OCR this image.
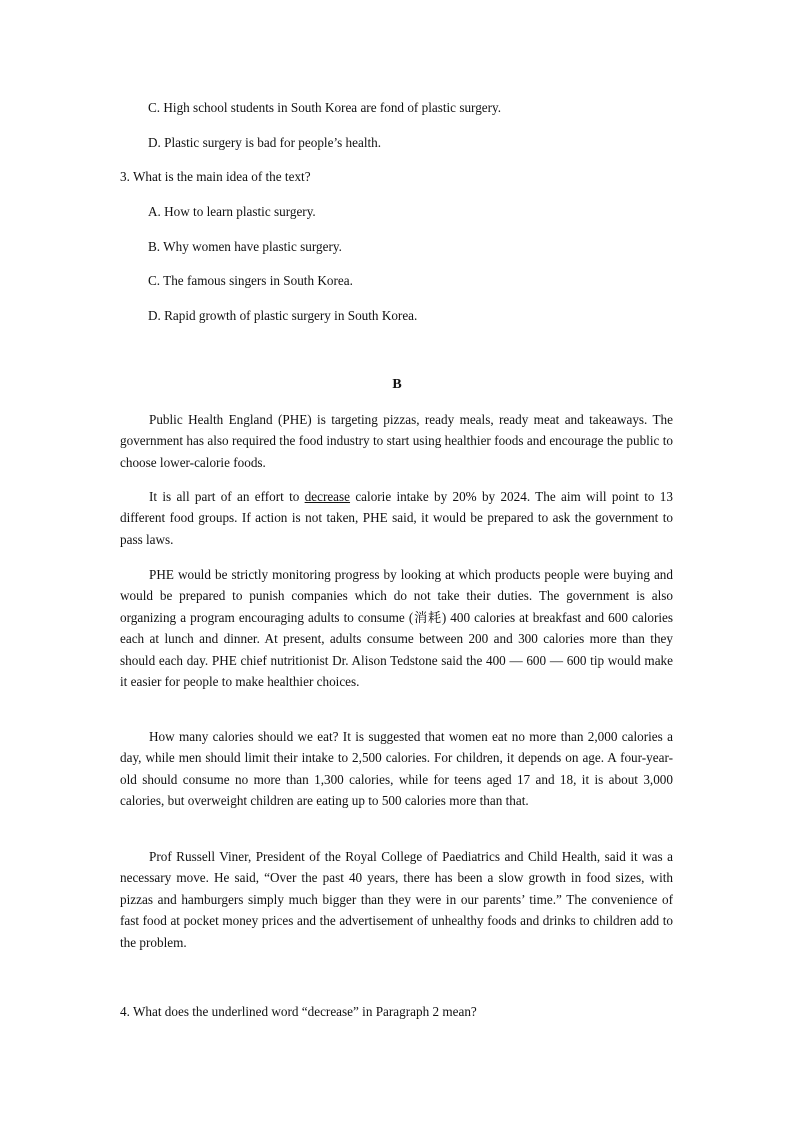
C. High school students in South Korea are fond of plastic surgery.
D. Plastic surgery is bad for people’s health.
3. What is the main idea of the text?
A. How to learn plastic surgery.
B. Why women have plastic surgery.
C. The famous singers in South Korea.
D. Rapid growth of plastic surgery in South Korea.
B

Public Health England (PHE) is targeting pizzas, ready meals, ready meat and takeaways. The government has also required the food industry to start using healthier foods and encourage the public to choose lower-calorie foods.

It is all part of an effort to decrease calorie intake by 20% by 2024. The aim will point to 13 different food groups. If action is not taken, PHE said, it would be prepared to ask the government to pass laws.

PHE would be strictly monitoring progress by looking at which products people were buying and would be prepared to punish companies which do not take their duties. The government is also organizing a program encouraging adults to consume (消耗) 400 calories at breakfast and 600 calories each at lunch and dinner. At present, adults consume between 200 and 300 calories more than they should each day. PHE chief nutritionist Dr. Alison Tedstone said the 400 — 600 — 600 tip would make it easier for people to make healthier choices.

How many calories should we eat? It is suggested that women eat no more than 2,000 calories a day, while men should limit their intake to 2,500 calories. For children, it depends on age. A four-year-old should consume no more than 1,300 calories, while for teens aged 17 and 18, it is about 3,000 calories, but overweight children are eating up to 500 calories more than that.

Prof Russell Viner, President of the Royal College of Paediatrics and Child Health, said it was a necessary move. He said, “Over the past 40 years, there has been a slow growth in food sizes, with pizzas and hamburgers simply much bigger than they were in our parents’ time.” The convenience of fast food at pocket money prices and the advertisement of unhealthy foods and drinks to children add to the problem.

4. What does the underlined word “decrease” in Paragraph 2 mean?
